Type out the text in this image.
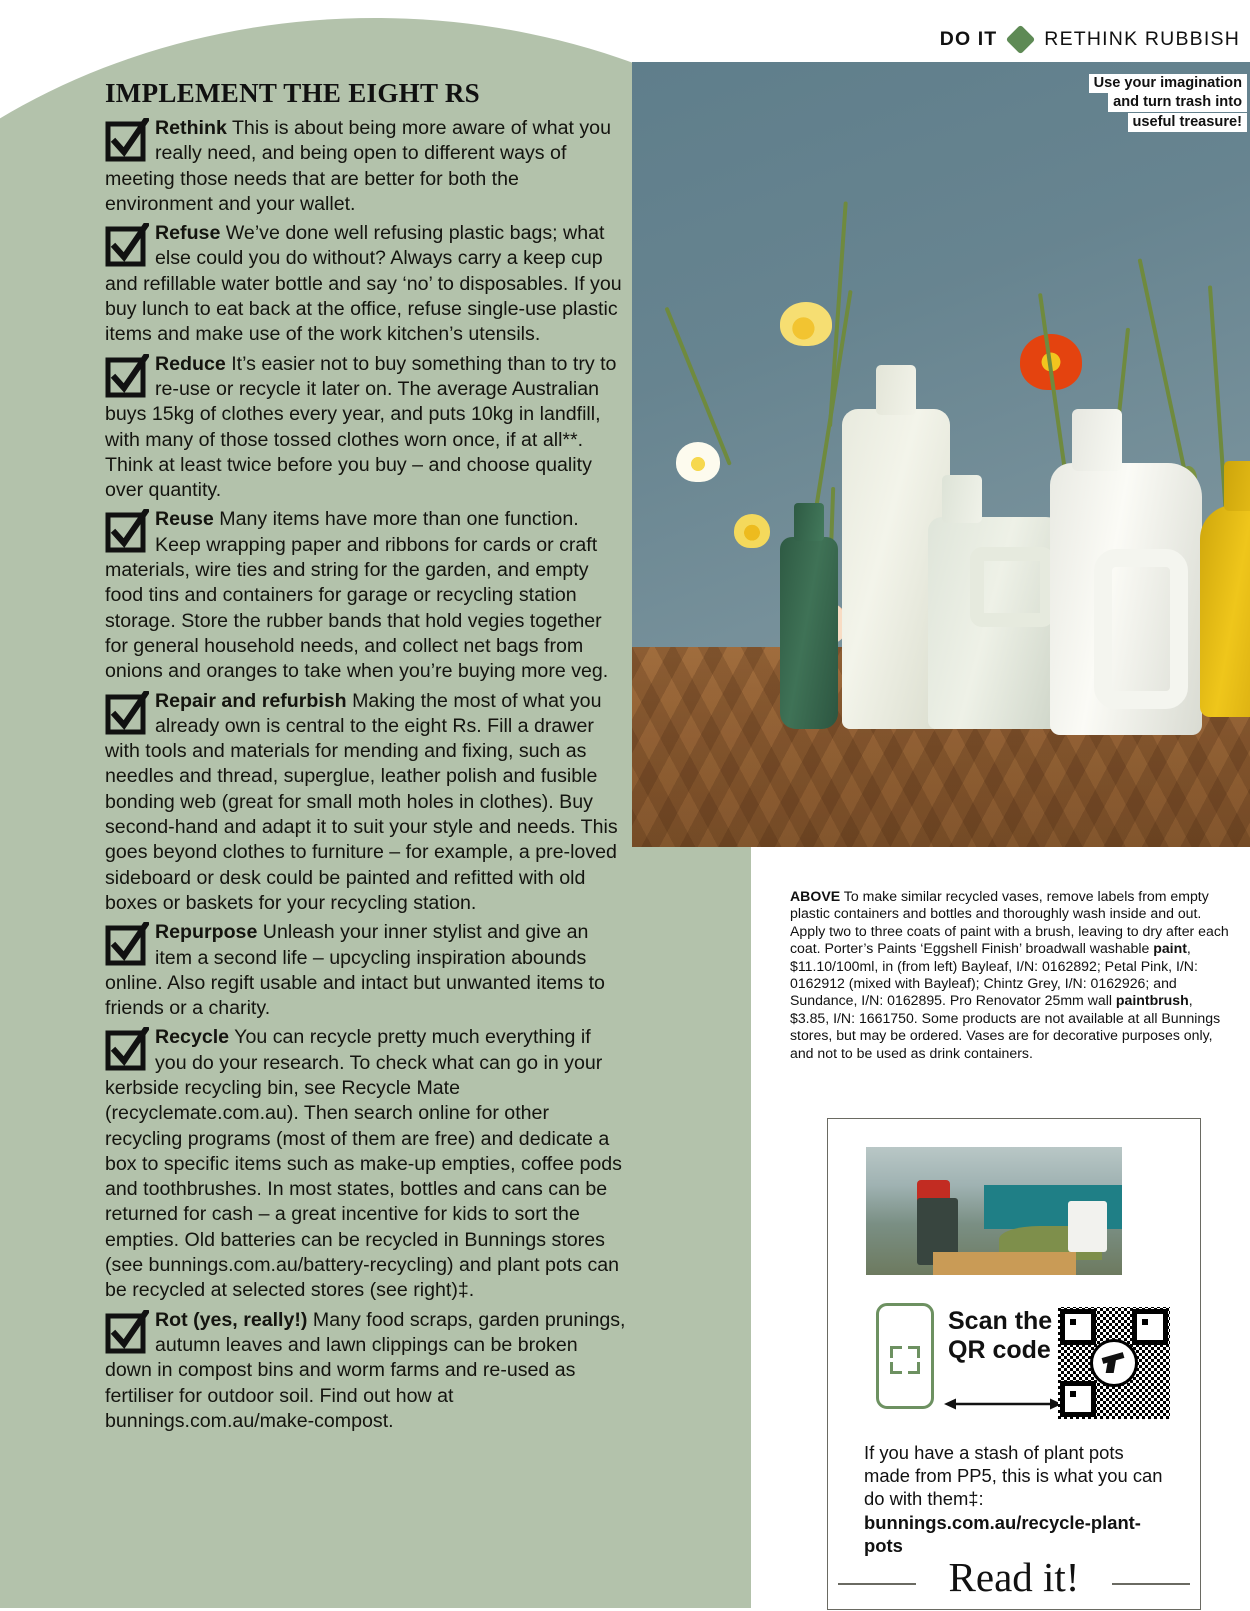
DO IT RETHINK RUBBISH
IMPLEMENT THE EIGHT RS

Rethink This is about being more aware of what you really need, and being open to different ways of meeting those needs that are better for both the environment and your wallet.

Refuse We’ve done well refusing plastic bags; what else could you do without? Always carry a keep cup and refillable water bottle and say ‘no’ to disposables. If you buy lunch to eat back at the office, refuse single-use plastic items and make use of the work kitchen’s utensils.

Reduce It’s easier not to buy something than to try to re-use or recycle it later on. The average Australian buys 15kg of clothes every year, and puts 10kg in landfill, with many of those tossed clothes worn once, if at all**. Think at least twice before you buy – and choose quality over quantity.

Reuse Many items have more than one function. Keep wrapping paper and ribbons for cards or craft materials, wire ties and string for the garden, and empty food tins and containers for garage or recycling station storage. Store the rubber bands that hold vegies together for general household needs, and collect net bags from onions and oranges to take when you’re buying more veg.

Repair and refurbish Making the most of what you already own is central to the eight Rs. Fill a drawer with tools and materials for mending and fixing, such as needles and thread, superglue, leather polish and fusible bonding web (great for small moth holes in clothes). Buy second-hand and adapt it to suit your style and needs. This goes beyond clothes to furniture – for example, a pre-loved sideboard or desk could be painted and refitted with old boxes or baskets for your recycling station.

Repurpose Unleash your inner stylist and give an item a second life – upcycling inspiration abounds online. Also regift usable and intact but unwanted items to friends or a charity.

Recycle You can recycle pretty much everything if you do your research. To check what can go in your kerbside recycling bin, see Recycle Mate (recyclemate.com.au). Then search online for other recycling programs (most of them are free) and dedicate a box to specific items such as make-up empties, coffee pods and toothbrushes. In most states, bottles and cans can be returned for cash – a great incentive for kids to sort the empties. Old batteries can be recycled in Bunnings stores (see bunnings.com.au/battery-recycling) and plant pots can be recycled at selected stores (see right)‡.

Rot (yes, really!) Many food scraps, garden prunings, autumn leaves and lawn clippings can be broken down in compost bins and worm farms and re-used as fertiliser for outdoor soil. Find out how at bunnings.com.au/make-compost.

Use your imagination
and turn trash into
useful treasure!
ABOVE To make similar recycled vases, remove labels from empty plastic containers and bottles and thoroughly wash inside and out. Apply two to three coats of paint with a brush, leaving to dry after each coat. Porter’s Paints ‘Eggshell Finish’ broadwall washable paint, $11.10/100ml, in (from left) Bayleaf, I/N: 0162892; Petal Pink, I/N: 0162912 (mixed with Bayleaf); Chintz Grey, I/N: 0162926; and Sundance, I/N: 0162895. Pro Renovator 25mm wall paintbrush, $3.85, I/N: 1661750. Some products are not available at all Bunnings stores, but may be ordered. Vases are for decorative purposes only, and not to be used as drink containers.
Scan the
QR code
If you have a stash of plant pots made from PP5, this is what you can do with them‡: bunnings.com.au/recycle-plant-pots
Read it!
